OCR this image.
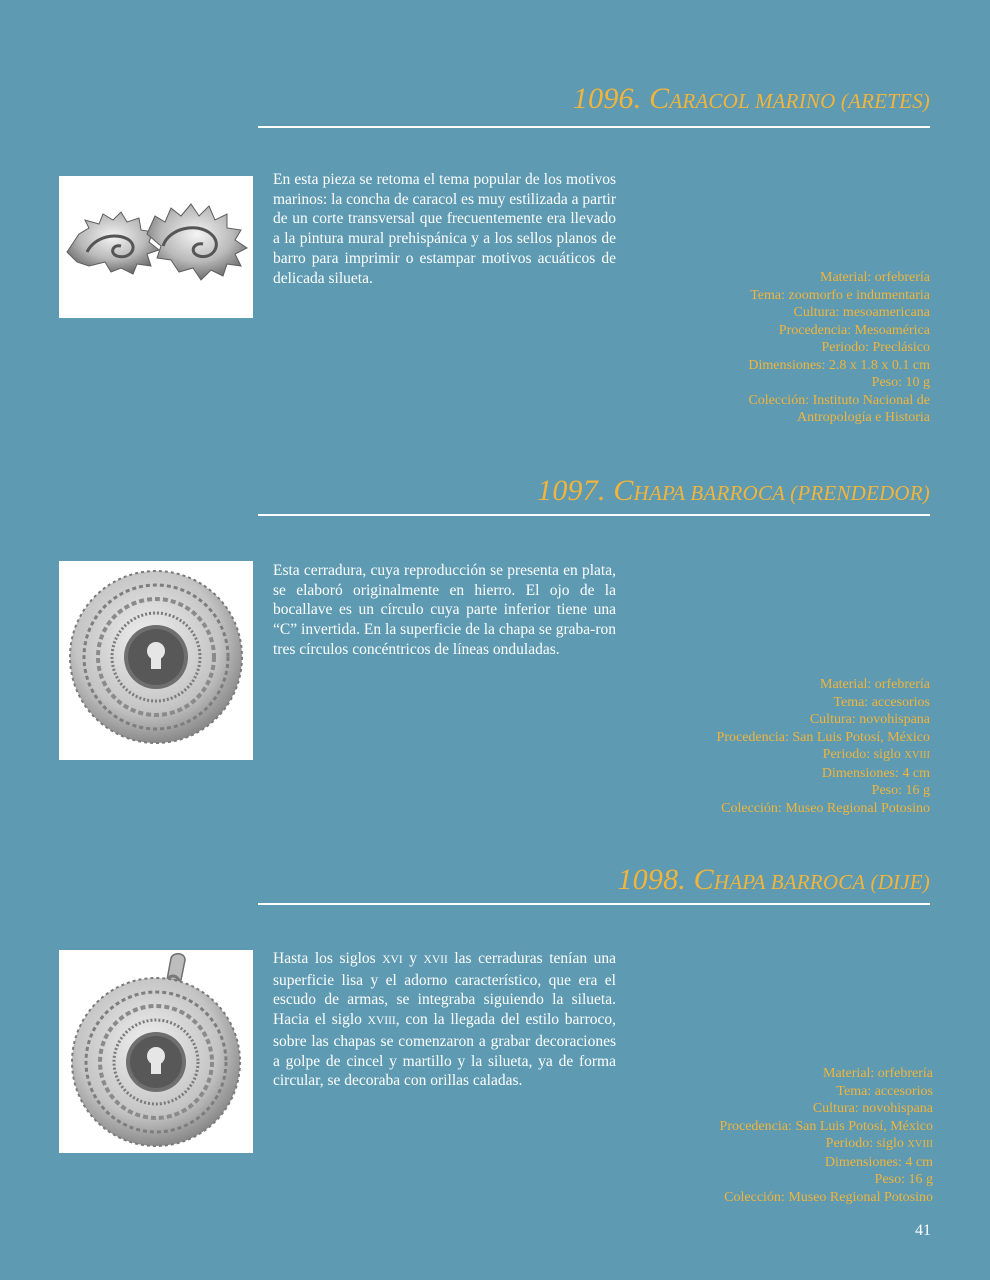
1096. CARACOL MARINO (ARETES)

En esta pieza se retoma el tema popular de los motivos marinos: la concha de caracol es muy estilizada a partir de un corte transversal que frecuentemente era llevado a la pintura mural prehispánica y a los sellos planos de barro para imprimir o estampar motivos acuáticos de delicada silueta.	Material: orfebrería
Tema: zoomorfo e indumentaria
Cultura: mesoamericana
Procedencia: Mesoamérica
Periodo: Preclásico
Dimensiones: 2.8 x 1.8 x 0.1 cm
Peso: 10 g
Colección: Instituto Nacional de
Antropología e Historia
1097. CHAPA BARROCA (PRENDEDOR)

Esta cerradura, cuya reproducción se presenta en plata, se elaboró originalmente en hierro. El ojo de la bocallave es un círculo cuya parte inferior tiene una “C” invertida. En la superficie de la chapa se graba-ron tres círculos concéntricos de líneas onduladas.

Material: orfebrería
Tema: accesorios
Cultura: novohispana
Procedencia: San Luis Potosí, México
Periodo: siglo XVIII
Dimensiones: 4 cm
Peso: 16 g
Colección: Museo Regional Potosino
1098. CHAPA BARROCA (DIJE)

Hasta los siglos XVI y XVII las cerraduras tenían una superficie lisa y el adorno característico, que era el escudo de armas, se integraba siguiendo la silueta. Hacia el siglo XVIII, con la llegada del estilo barroco, sobre las chapas se comenzaron a grabar decoraciones a golpe de cincel y martillo y la silueta, ya de forma circular, se decoraba con orillas caladas.	Material: orfebrería
Tema: accesorios
Cultura: novohispana
Procedencia: San Luis Potosí, México
Periodo: siglo XVIII
Dimensiones: 4 cm
Peso: 16 g
Colección: Museo Regional Potosino
41
